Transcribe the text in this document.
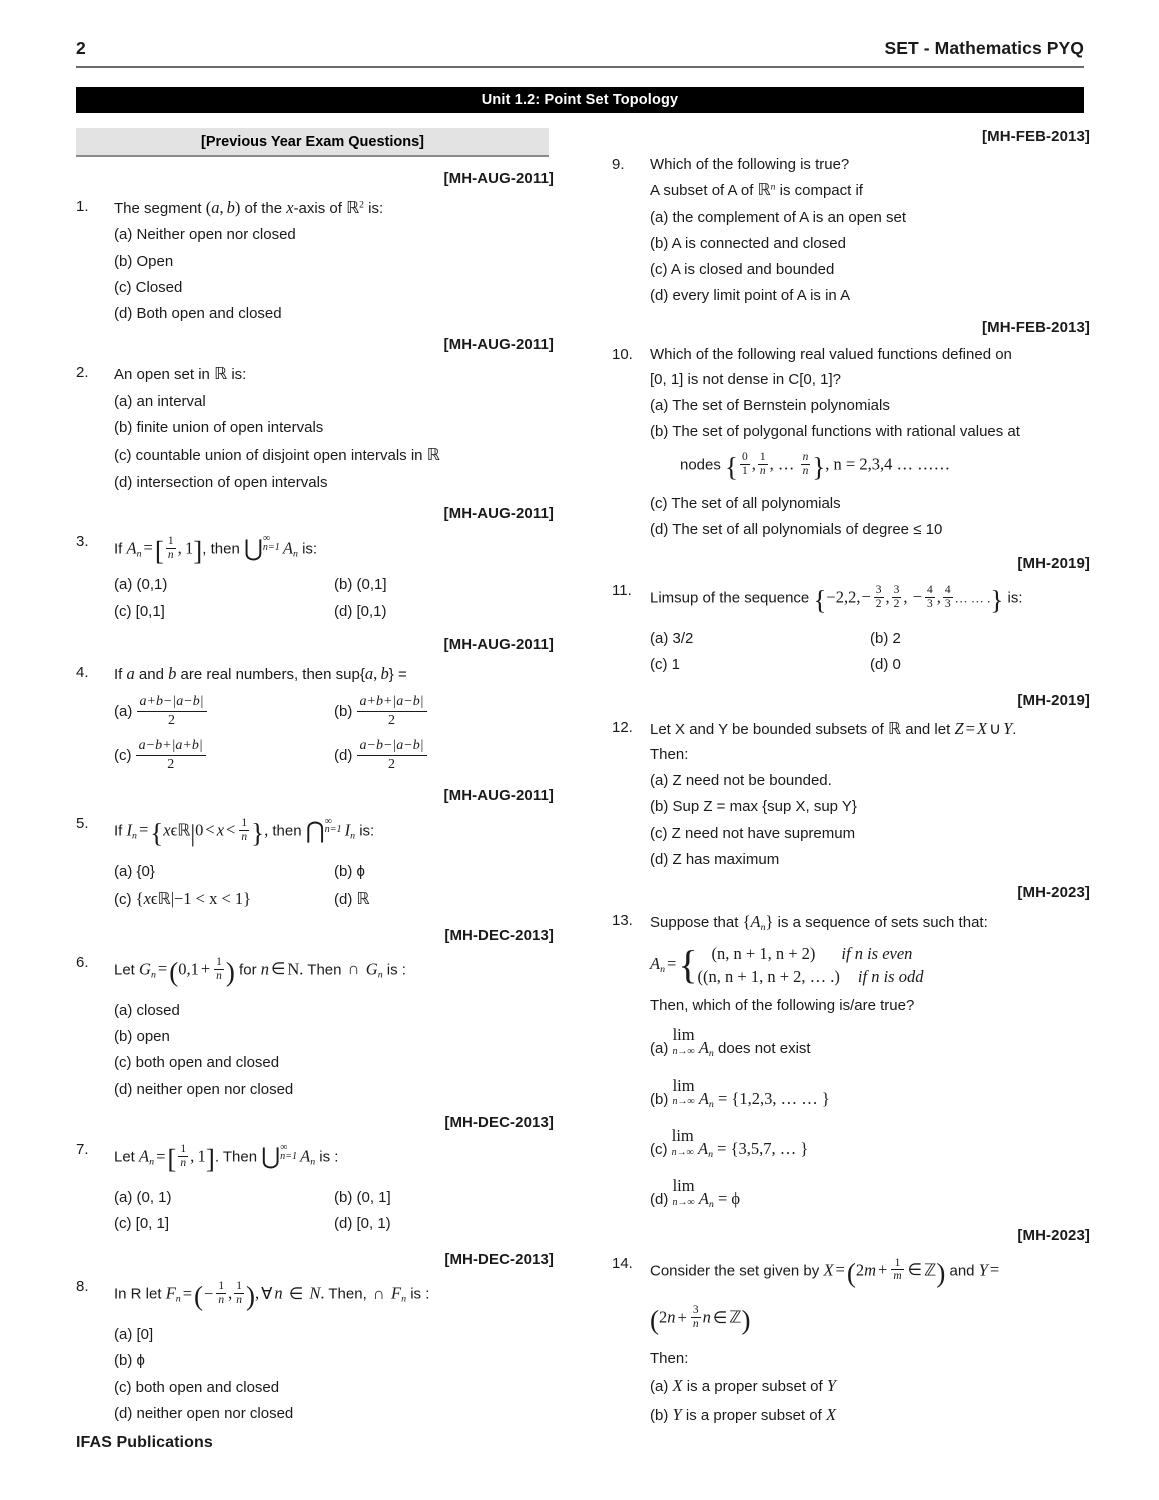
2	SET - Mathematics PYQ
Unit 1.2: Point Set Topology
[Previous Year Exam Questions]
[MH-AUG-2011]
1.	The segment (a,  b) of the x-axis of ℝ$^2$ is:
(a) Neither open nor closed
(b) Open
(c) Closed
(d) Both open and closed
[MH-AUG-2011]
2.	An open set in ℝ is:
(a) an interval
(b) finite union of open intervals
(c) countable union of disjoint open intervals in ℝ
(d) intersection of open intervals
[MH-AUG-2011]
3.	If $A_n$ =[ $\frac{1}{n}$ , 1], then ⋃ ∞
n=1 $A_n$ is:
(a) (0,1)	(b) (0,1]
(c) [0,1]	(d) [0,1)
[MH-AUG-2011]
4.	If a and b are real numbers, then sup{a, b} =
$(a) \frac{a+b-|a-b|}{2}$	$(b) \frac{a+b+|a-b|}{2}$
$(c) \frac{a-b+|a+b|}{2}$	$(d) \frac{a-b-|a-b|}{2}$
[MH-AUG-2011]
5.	If $I_n$ ={xϵℝ|0 < $x < \frac{1}{n}$ }, then ⋂ ∞
n=1 $I_n$ is:
(a) {0}	(b) ϕ
(c) {xϵℝ|−1 < x < 1}	(d) ℝ
[MH-DEC-2013]
6.	Let $G_n =(0,1 + \frac{1}{n}$ ) for n ∈ N. Then ∩ $G_n$ is :
(a) closed
(b) open
(c) both open and closed
(d) neither open nor closed
[MH-DEC-2013]
7.	Let $A_n$ =[ $\frac{1}{n}$ , 1]. Then ⋃ ∞
n=1 $A_n$ is :
(a) (0, 1)	(b) (0, 1]
(c) [0, 1]	(d) [0, 1)
[MH-DEC-2013]
8.	In R let $F_n$ =(− $\frac{1}{n}$ , $\frac{1}{n}$ ), ∀ n ∈ N. Then, ∩ $F_n$ is :
(a) [0]
(b) ϕ
(c) both open and closed
(d) neither open nor closed
[MH-FEB-2013]
9.	Which of the following is true?
A subset of A of ℝ$^n$ is compact if
(a) the complement of A is an open set
(b) A is connected and closed
(c) A is closed and bounded
(d) every limit point of A is in A
[MH-FEB-2013]
10.	Which of the following real valued functions defined on
[0, 1] is not dense in C[0, 1]?
(a) The set of Bernstein polynomials
(b) The set of polygonal functions with rational values at
nodes { $\frac{0}{1}$ , $\frac{1}{n}$ , … $\frac{n}{n}$ }, n = 2,3,4 … ……
(c) The set of all polynomials
(d) The set of all polynomials of degree ≤ 10
[MH-2019]
11.	Limsup of the sequence {$-2,2,- \frac{3}{2}$ , $\frac{3}{2}$ , − $\frac{4}{3}$ , $\frac{4}{3}$ … … .} is:
(a) 3/2	(b) 2
(c) 1	(d) 0
[MH-2019]
12.	Let X and Y be bounded subsets of ℝ and let Z = X ∪ Y.
Then:
(a) Z need not be bounded.
(b) Sup Z = max {sup X, sup Y}
(c) Z need not have supremum
(d) Z has maximum
[MH-2023]
13.	Suppose that $\{A_n\}$ is a sequence of sets such that:
$A_n$ ={ (n, n + 1, n + 2) if n is even
((n, n + 1, n + 2, … .) if n is odd
Then, which of the following is/are true?
(a)
lim
n→∞ $A_n$ does not exist
(b)
lim
n→∞ $A_n = \{1,2,3$, … … }
(c)
lim
n→∞ $A_n = \{3,5,7$, … }
(d)
lim
n→∞ $A_n = \phi$
[MH-2023]
14.	Consider the set given by $X =(2m + \frac{1}{m}$ ∈ ℤ) and Y =
($2n + \frac{3}{n}$ n ∈ ℤ)
Then:
(a) X is a proper subset of Y
(b) Y is a proper subset of X
IFAS Publications
